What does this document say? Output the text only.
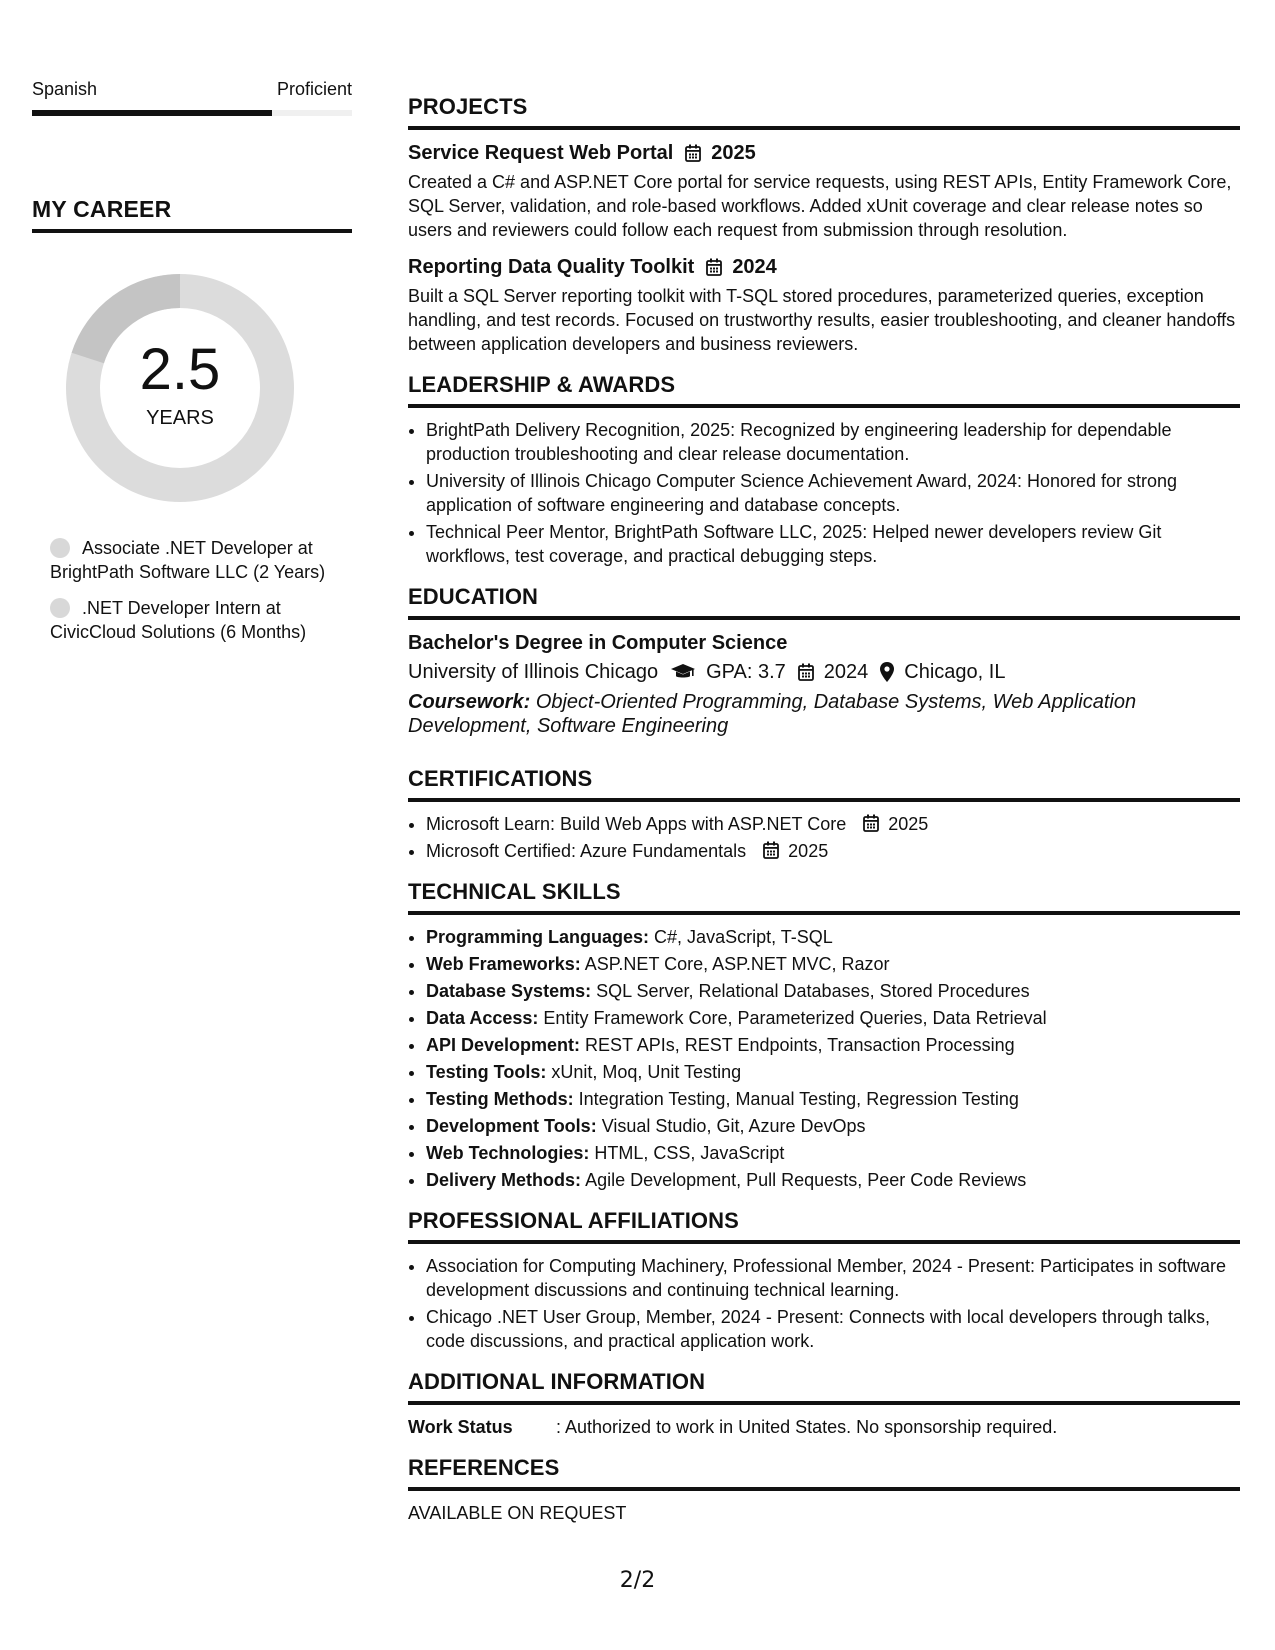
Spanish	Proficient
MY CAREER
2.5
YEARS
Associate .NET Developer at BrightPath Software LLC (2 Years)
.NET Developer Intern at CivicCloud Solutions (6 Months)
PROJECTS
Service Request Web Portal 2025
Created a C# and ASP.NET Core portal for service requests, using REST APIs, Entity Framework Core, SQL Server, validation, and role-based workflows. Added xUnit coverage and clear release notes so users and reviewers could follow each request from submission through resolution.
Reporting Data Quality Toolkit 2024
Built a SQL Server reporting toolkit with T-SQL stored procedures, parameterized queries, exception handling, and test records. Focused on trustworthy results, easier troubleshooting, and cleaner handoffs between application developers and business reviewers.
LEADERSHIP & AWARDS
• BrightPath Delivery Recognition, 2025: Recognized by engineering leadership for dependable production troubleshooting and clear release documentation.
• University of Illinois Chicago Computer Science Achievement Award, 2024: Honored for strong application of software engineering and database concepts.
• Technical Peer Mentor, BrightPath Software LLC, 2025: Helped newer developers review Git workflows, test coverage, and practical debugging steps.
EDUCATION
Bachelor's Degree in Computer Science
University of Illinois Chicago GPA: 3.7 2024 Chicago, IL
Coursework: Object-Oriented Programming, Database Systems, Web Application Development, Software Engineering
CERTIFICATIONS
• Microsoft Learn: Build Web Apps with ASP.NET Core 2025
• Microsoft Certified: Azure Fundamentals 2025
TECHNICAL SKILLS
• Programming Languages: C#, JavaScript, T-SQL
• Web Frameworks: ASP.NET Core, ASP.NET MVC, Razor
• Database Systems: SQL Server, Relational Databases, Stored Procedures
• Data Access: Entity Framework Core, Parameterized Queries, Data Retrieval
• API Development: REST APIs, REST Endpoints, Transaction Processing
• Testing Tools: xUnit, Moq, Unit Testing
• Testing Methods: Integration Testing, Manual Testing, Regression Testing
• Development Tools: Visual Studio, Git, Azure DevOps
• Web Technologies: HTML, CSS, JavaScript
• Delivery Methods: Agile Development, Pull Requests, Peer Code Reviews
PROFESSIONAL AFFILIATIONS
• Association for Computing Machinery, Professional Member, 2024 - Present: Participates in software development discussions and continuing technical learning.
• Chicago .NET User Group, Member, 2024 - Present: Connects with local developers through talks, code discussions, and practical application work.
ADDITIONAL INFORMATION
Work Status	: Authorized to work in United States. No sponsorship required.
REFERENCES
AVAILABLE ON REQUEST
2/2
